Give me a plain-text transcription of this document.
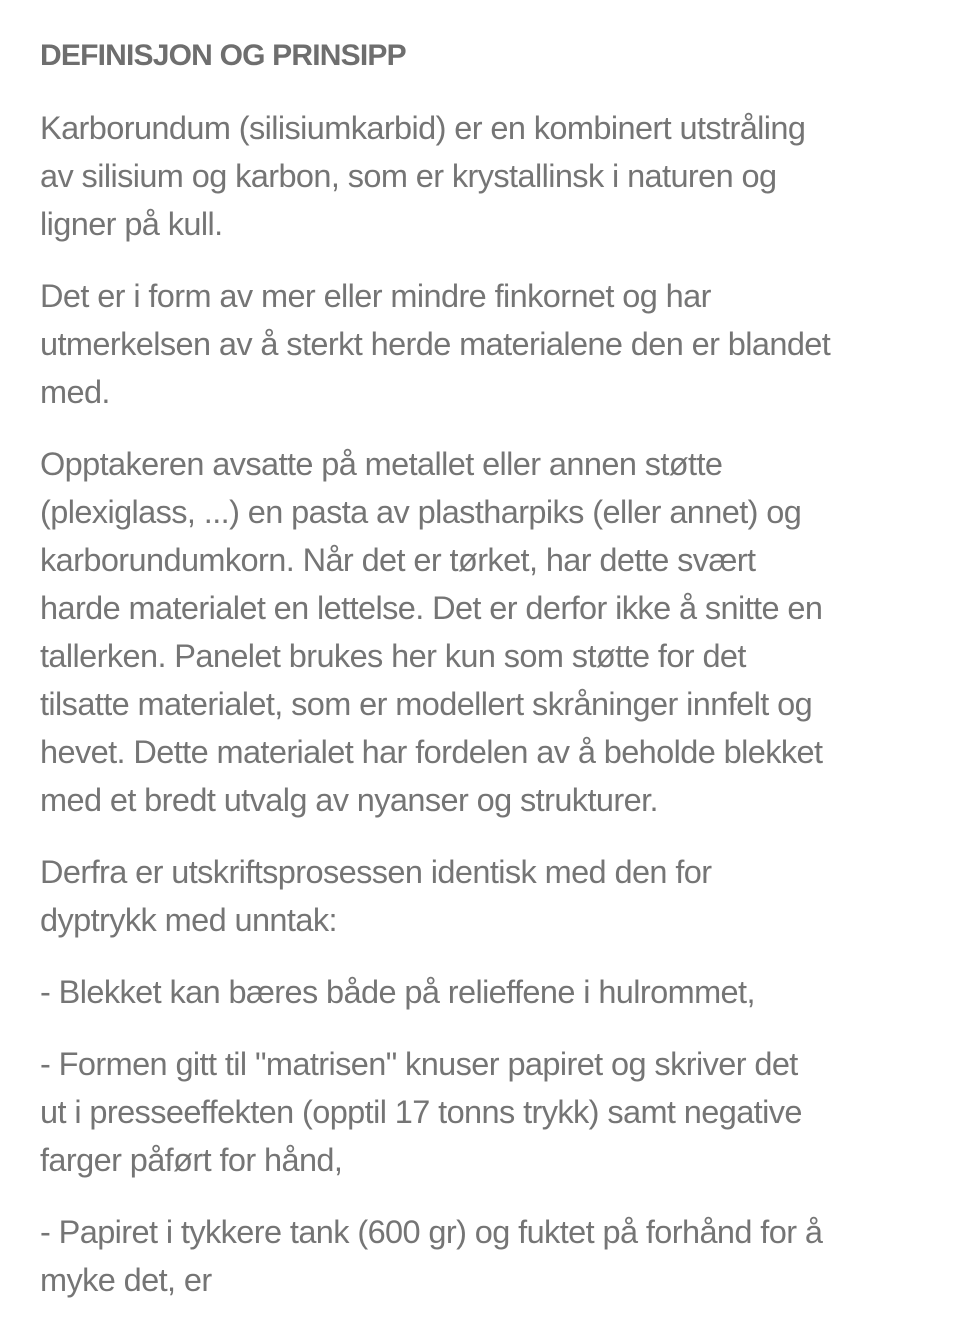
DEFINISJON OG PRINSIPP

Karborundum (silisiumkarbid) er en kombinert utstråling
av silisium og karbon, som er krystallinsk i naturen og
ligner på kull.

Det er i form av mer eller mindre finkornet og har
utmerkelsen av å sterkt herde materialene den er blandet
med.

Opptakeren avsatte på metallet eller annen støtte
(plexiglass, ...) en pasta av plastharpiks (eller annet) og
karborundumkorn. Når det er tørket, har dette svært
harde materialet en lettelse. Det er derfor ikke å snitte en
tallerken. Panelet brukes her kun som støtte for det
tilsatte materialet, som er modellert skråninger innfelt og
hevet. Dette materialet har fordelen av å beholde blekket
med et bredt utvalg av nyanser og strukturer.

Derfra er utskriftsprosessen identisk med den for
dyptrykk med unntak:

- Blekket kan bæres både på relieffene i hulrommet,

- Formen gitt til "matrisen" knuser papiret og skriver det
ut i presseeffekten (opptil 17 tonns trykk) samt negative
farger påført for hånd,

- Papiret i tykkere tank (600 gr) og fuktet på forhånd for å
myke det, er
